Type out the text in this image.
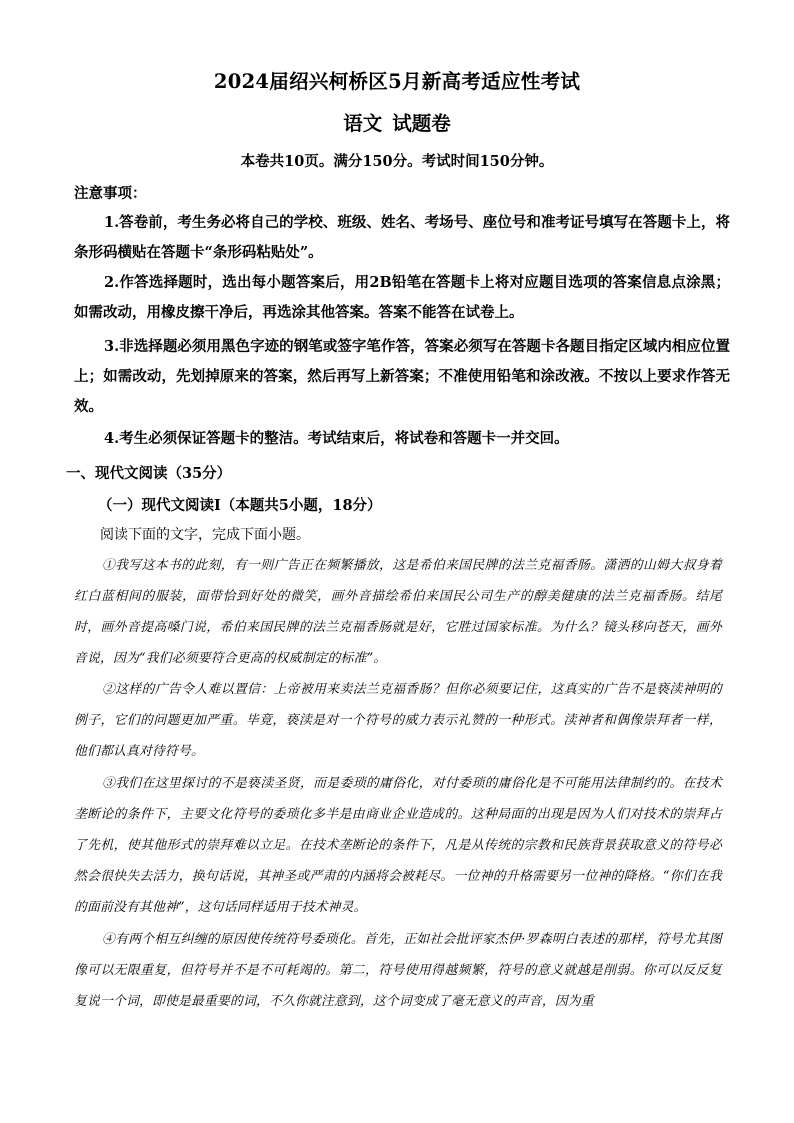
2024届绍兴柯桥区5月新高考适应性考试
语文 试题卷
本卷共10页。满分150分。考试时间150分钟。
注意事项：

1.答卷前，考生务必将自己的学校、班级、姓名、考场号、座位号和准考证号填写在答题卡上，将条形码横贴在答题卡“条形码粘贴处”。

2.作答选择题时，选出每小题答案后，用2B铅笔在答题卡上将对应题目选项的答案信息点涂黑；如需改动，用橡皮擦干净后，再选涂其他答案。答案不能答在试卷上。

3.非选择题必须用黑色字迹的钢笔或签字笔作答，答案必须写在答题卡各题目指定区域内相应位置上；如需改动，先划掉原来的答案，然后再写上新答案；不准使用铅笔和涂改液。不按以上要求作答无效。

4.考生必须保证答题卡的整洁。考试结束后，将试卷和答题卡一并交回。

一、现代文阅读（35分）
（一）现代文阅读Ⅰ（本题共5小题，18分）
阅读下面的文字，完成下面小题。

①我写这本书的此刻，有一则广告正在频繁播放，这是希伯来国民牌的法兰克福香肠。潇洒的山姆大叔身着红白蓝相间的服装，面带恰到好处的微笑，画外音描绘希伯来国民公司生产的醇美健康的法兰克福香肠。结尾时，画外音提高嗓门说，希伯来国民牌的法兰克福香肠就是好，它胜过国家标准。为什么？镜头移向苍天，画外音说，因为“我们必须要符合更高的权威制定的标准”。

②这样的广告令人难以置信：上帝被用来卖法兰克福香肠？但你必须要记住，这真实的广告不是亵渎神明的例子，它们的问题更加严重。毕竟，亵渎是对一个符号的威力表示礼赞的一种形式。渎神者和偶像崇拜者一样，他们都认真对待符号。

③我们在这里探讨的不是亵渎圣贤，而是委琐的庸俗化，对付委琐的庸俗化是不可能用法律制约的。在技术垄断论的条件下，主要文化符号的委琐化多半是由商业企业造成的。这种局面的出现是因为人们对技术的崇拜占了先机，使其他形式的崇拜难以立足。在技术垄断论的条件下，凡是从传统的宗教和民族背景获取意义的符号必然会很快失去活力，换句话说，其神圣或严肃的内涵将会被耗尽。一位神的升格需要另一位神的降格。“你们在我的面前没有其他神”，这句话同样适用于技术神灵。

④有两个相互纠缠的原因使传统符号委琐化。首先，正如社会批评家杰伊·罗森明白表述的那样，符号尤其图像可以无限重复，但符号并不是不可耗竭的。第二，符号使用得越频繁，符号的意义就越是削弱。你可以反反复复说一个词，即使是最重要的词，不久你就注意到，这个词变成了毫无意义的声音，因为重
